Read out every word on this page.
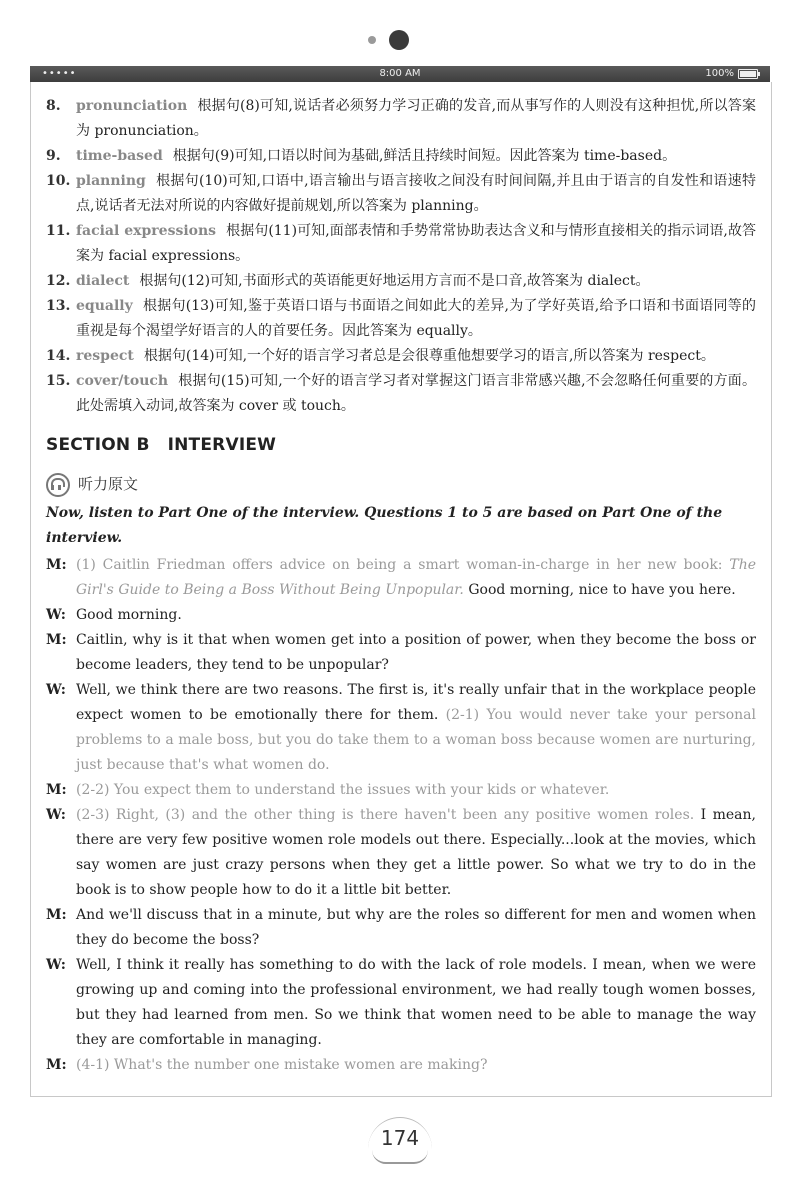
•••••	8:00 AM	100%
8.	pronunciation 根据句(8)可知,说话者必须努力学习正确的发音,而从事写作的人则没有这种担忧,所以答案为 pronunciation。
9.	time-based 根据句(9)可知,口语以时间为基础,鲜活且持续时间短。因此答案为 time-based。
10. planning 根据句(10)可知,口语中,语言输出与语言接收之间没有时间间隔,并且由于语言的自发性和语速特点,说话者无法对所说的内容做好提前规划,所以答案为 planning。
11. facial expressions 根据句(11)可知,面部表情和手势常常协助表达含义和与情形直接相关的指示词语,故答案为 facial expressions。
12. dialect 根据句(12)可知,书面形式的英语能更好地运用方言而不是口音,故答案为 dialect。
13. equally 根据句(13)可知,鉴于英语口语与书面语之间如此大的差异,为了学好英语,给予口语和书面语同等的重视是每个渴望学好语言的人的首要任务。因此答案为 equally。
14. respect 根据句(14)可知,一个好的语言学习者总是会很尊重他想要学习的语言,所以答案为 respect。
15. cover/touch 根据句(15)可知,一个好的语言学习者对掌握这门语言非常感兴趣,不会忽略任何重要的方面。此处需填入动词,故答案为 cover 或 touch。
SECTION B INTERVIEW
听力原文
Now, listen to Part One of the interview. Questions 1 to 5 are based on Part One of the interview.
M: (1) Caitlin Friedman offers advice on being a smart woman-in-charge in her new book: The Girl's Guide to Being a Boss Without Being Unpopular. Good morning, nice to have you here.
W: Good morning.
M: Caitlin, why is it that when women get into a position of power, when they become the boss or become leaders, they tend to be unpopular?
W: Well, we think there are two reasons. The first is, it's really unfair that in the workplace people expect women to be emotionally there for them. (2-1) You would never take your personal problems to a male boss, but you do take them to a woman boss because women are nurturing, just because that's what women do.
M: (2-2) You expect them to understand the issues with your kids or whatever.
W: (2-3) Right, (3) and the other thing is there haven't been any positive women roles. I mean, there are very few positive women role models out there. Especially...look at the movies, which say women are just crazy persons when they get a little power. So what we try to do in the book is to show people how to do it a little bit better.
M: And we'll discuss that in a minute, but why are the roles so different for men and women when they do become the boss?
W: Well, I think it really has something to do with the lack of role models. I mean, when we were growing up and coming into the professional environment, we had really tough women bosses, but they had learned from men. So we think that women need to be able to manage the way they are comfortable in managing.
M: (4-1) What's the number one mistake women are making?
174
